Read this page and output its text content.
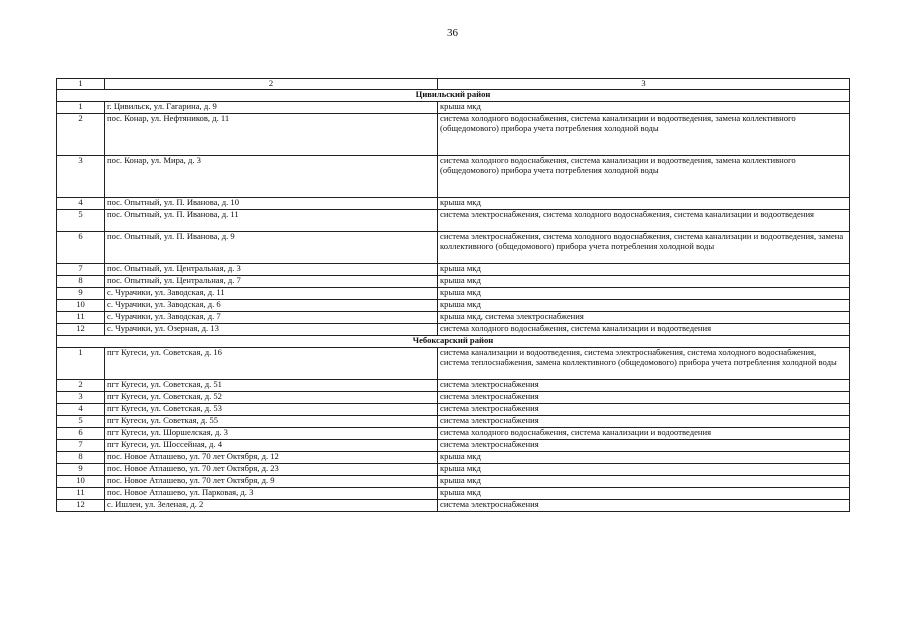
36
1	2	3
Цивильский район		
1	г. Цивильск, ул. Гагарина, д. 9	крыша мкд
2	пос. Конар, ул. Нефтяников, д. 11	система холодного водоснабжения, система канализации и водоотведения, замена коллективного (общедомового) прибора учета потребления холодной воды
3	пос. Конар, ул. Мира, д. 3	система холодного водоснабжения, система канализации и водоотведения, замена коллективного (общедомового) прибора учета потребления холодной воды
4	пос. Опытный, ул. П. Иванова, д. 10	крыша мкд
5	пос. Опытный, ул. П. Иванова, д. 11	система электроснабжения, система холодного водоснабжения, система канализации и водоотведения
6	пос. Опытный, ул. П. Иванова, д. 9	система электроснабжения, система холодного водоснабжения, система канализации и водоотведения, замена коллективного (общедомового) прибора учета потребления холодной воды
7	пос. Опытный, ул. Центральная, д. 3	крыша мкд
8	пос. Опытный, ул. Центральная, д. 7	крыша мкд
9	с. Чурачики, ул. Заводская, д. 11	крыша мкд
10	с. Чурачики, ул. Заводская, д. 6	крыша мкд
11	с. Чурачики, ул. Заводская, д. 7	крыша мкд, система электроснабжения
12	с. Чурачики, ул. Озерная, д. 13	система холодного водоснабжения, система канализации и водоотведения
Чебоксарский район		
1	пгт Кугеси, ул. Советская, д. 16	система канализации и водоотведения, система электроснабжения, система холодного водоснабжения, система теплоснабжения, замена коллективного (общедомового) прибора учета потребления холодной воды
2	пгт Кугеси, ул. Советская, д. 51	система электроснабжения
3	пгт Кугеси, ул. Советская, д. 52	система электроснабжения
4	пгт Кугеси, ул. Советская, д. 53	система электроснабжения
5	пгт Кугеси, ул. Советкая, д. 55	система электроснабжения
6	пгт Кугеси, ул. Шоршелская, д. 3	система холодного водоснабжения, система канализации и водоотведения
7	пгт Кугеси, ул. Шоссейная, д. 4	система электроснабжения
8	пос. Новое Атлашево, ул. 70 лет Октября, д. 12	крыша мкд
9	пос. Новое Атлашево, ул. 70 лет Октября, д. 23	крыша мкд
10	пос. Новое Атлашево, ул. 70 лет Октября, д. 9	крыша мкд
11	пос. Новое Атлашево, ул. Парковая, д. 3	крыша мкд
12	с. Ишлеи, ул. Зеленая, д. 2	система электроснабжения
